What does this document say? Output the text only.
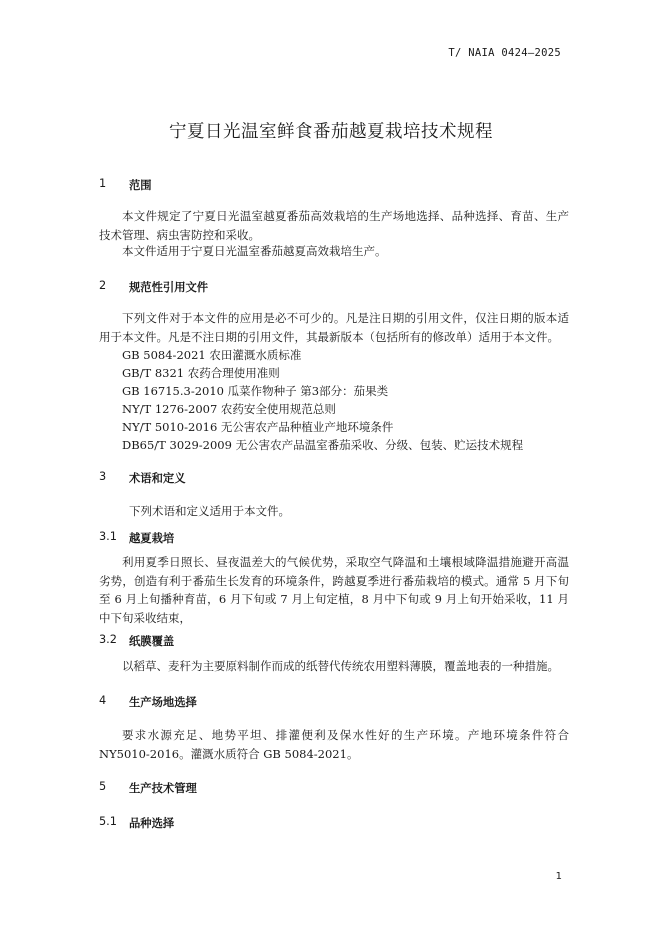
T/ NAIA 0424—2025
宁夏日光温室鲜食番茄越夏栽培技术规程
1	范围

本文件规定了宁夏日光温室越夏番茄高效栽培的生产场地选择、品种选择、育苗、生产技术管理、病虫害防控和采收。

本文件适用于宁夏日光温室番茄越夏高效栽培生产。

2	规范性引用文件

下列文件对于本文件的应用是必不可少的。凡是注日期的引用文件，仅注日期的版本适用于本文件。凡是不注日期的引用文件，其最新版本（包括所有的修改单）适用于本文件。

GB 5084-2021 农田灌溉水质标准
GB/T 8321 农药合理使用准则
GB 16715.3-2010 瓜菜作物种子 第3部分：茄果类
NY/T 1276-2007 农药安全使用规范总则
NY/T 5010-2016 无公害农产品种植业产地环境条件
DB65/T 3029-2009 无公害农产品温室番茄采收、分级、包装、贮运技术规程
3	术语和定义

下列术语和定义适用于本文件。

3.1	越夏栽培

利用夏季日照长、昼夜温差大的气候优势，采取空气降温和土壤根域降温措施避开高温劣势，创造有利于番茄生长发育的环境条件，跨越夏季进行番茄栽培的模式。通常 5 月下旬至 6 月上旬播种育苗，6 月下旬或 7 月上旬定植，8 月中下旬或 9 月上旬开始采收，11 月中下旬采收结束，

3.2	纸膜覆盖

以稻草、麦秆为主要原料制作而成的纸替代传统农用塑料薄膜，覆盖地表的一种措施。

4	生产场地选择

要求水源充足、地势平坦、排灌便利及保水性好的生产环境。产地环境条件符合NY5010-2016。灌溉水质符合 GB 5084-2021。

5	生产技术管理
5.1	品种选择
1
